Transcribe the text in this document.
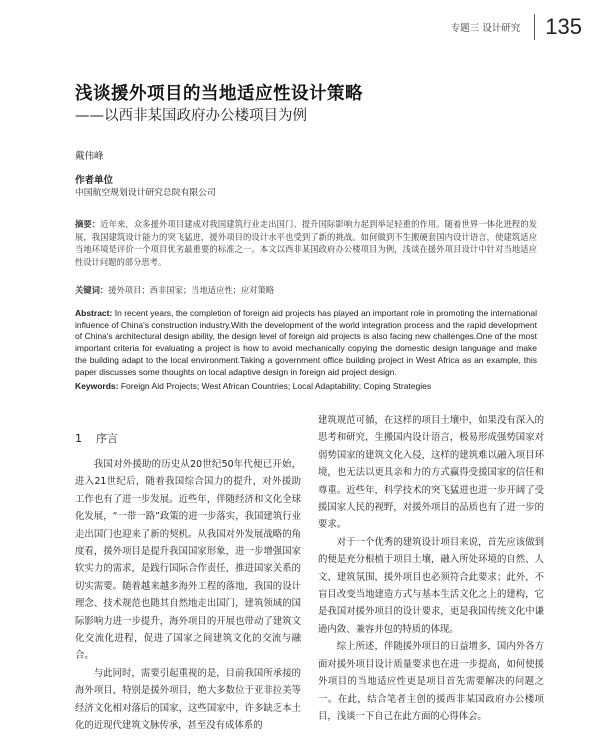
专题三 设计研究 135
浅谈援外项目的当地适应性设计策略
——以西非某国政府办公楼项目为例
戴伟峰
作者单位
中国航空规划设计研究总院有限公司
摘要：近年来，众多援外项目建成对我国建筑行业走出国门、提升国际影响力起到举足轻重的作用。随着世界一体化进程的发展，我国建筑设计能力的突飞猛进，援外项目的设计水平也受到了新的挑战。如何做到不生搬硬套国内设计语言，使建筑适应当地环境是评价一个项目优劣最重要的标准之一。本文以西非某国政府办公楼项目为例，浅谈在援外项目设计中针对当地适应性设计问题的部分思考。
关键词：援外项目；西非国家；当地适应性；应对策略
Abstract: In recent years, the completion of foreign aid projects has played an important role in promoting the international influence of China's construction industry.With the development of the world integration process and the rapid development of China's architectural design ability, the design level of foreign aid projects is also facing new challenges.One of the most important criteria for evaluating a project is how to avoid mechanically copying the domestic design language and make the building adapt to the local environment.Taking a government office building project in West Africa as an example, this paper discusses some thoughts on local adaptive design in foreign aid project design.
Keywords: Foreign Aid Projects; West African Countries; Local Adaptability; Coping Strategies
1 序言

我国对外援助的历史从20世纪50年代便已开始，进入21世纪后，随着我国综合国力的提升，对外援助工作也有了进一步发展。近些年，伴随经济和文化全球化发展，“一带一路”政策的进一步落实，我国建筑行业走出国门也迎来了新的契机。从我国对外发展战略的角度看，援外项目是提升我国国家形象，进一步增强国家软实力的需求，是践行国际合作责任，推进国家关系的切实需要。随着越来越多海外工程的落地，我国的设计理念、技术规范也随其自然地走出国门，建筑领域的国际影响力进一步提升，海外项目的开展也带动了建筑文化交流化进程，促进了国家之间建筑文化的交流与融合。

与此同时，需要引起重视的是，目前我国所承接的海外项目，特别是援外项目，绝大多数位于亚非拉美等经济文化相对落后的国家，这些国家中，许多缺乏本土化的近现代建筑文脉传承，甚至没有成体系的

建筑规范可循，在这样的项目土壤中，如果没有深入的思考和研究，生搬国内设计语言，极易形成强势国家对弱势国家的建筑文化入侵，这样的建筑难以融入项目环境，也无法以更具亲和力的方式赢得受援国家的信任和尊重。近些年，科学技术的突飞猛进也进一步开阔了受援国家人民的视野，对援外项目的品质也有了进一步的要求。

对于一个优秀的建筑设计项目来说，首先应该做到的便是充分根植于项目土壤，融入所处环境的自然、人文、建筑氛围，援外项目也必须符合此要求；此外，不盲目改变当地建造方式与基本生活文化之上的建构，它是我国对援外项目的设计要求，更是我国传统文化中谦逊内敛、兼容并包的特质的体现。

综上所述，伴随援外项目的日益增多，国内外各方面对援外项目设计质量要求也在进一步提高，如何使援外项目的当地适应性更是项目首先需要解决的问题之一。在此，结合笔者主创的援西非某国政府办公楼项目，浅谈一下自己在此方面的心得体会。
